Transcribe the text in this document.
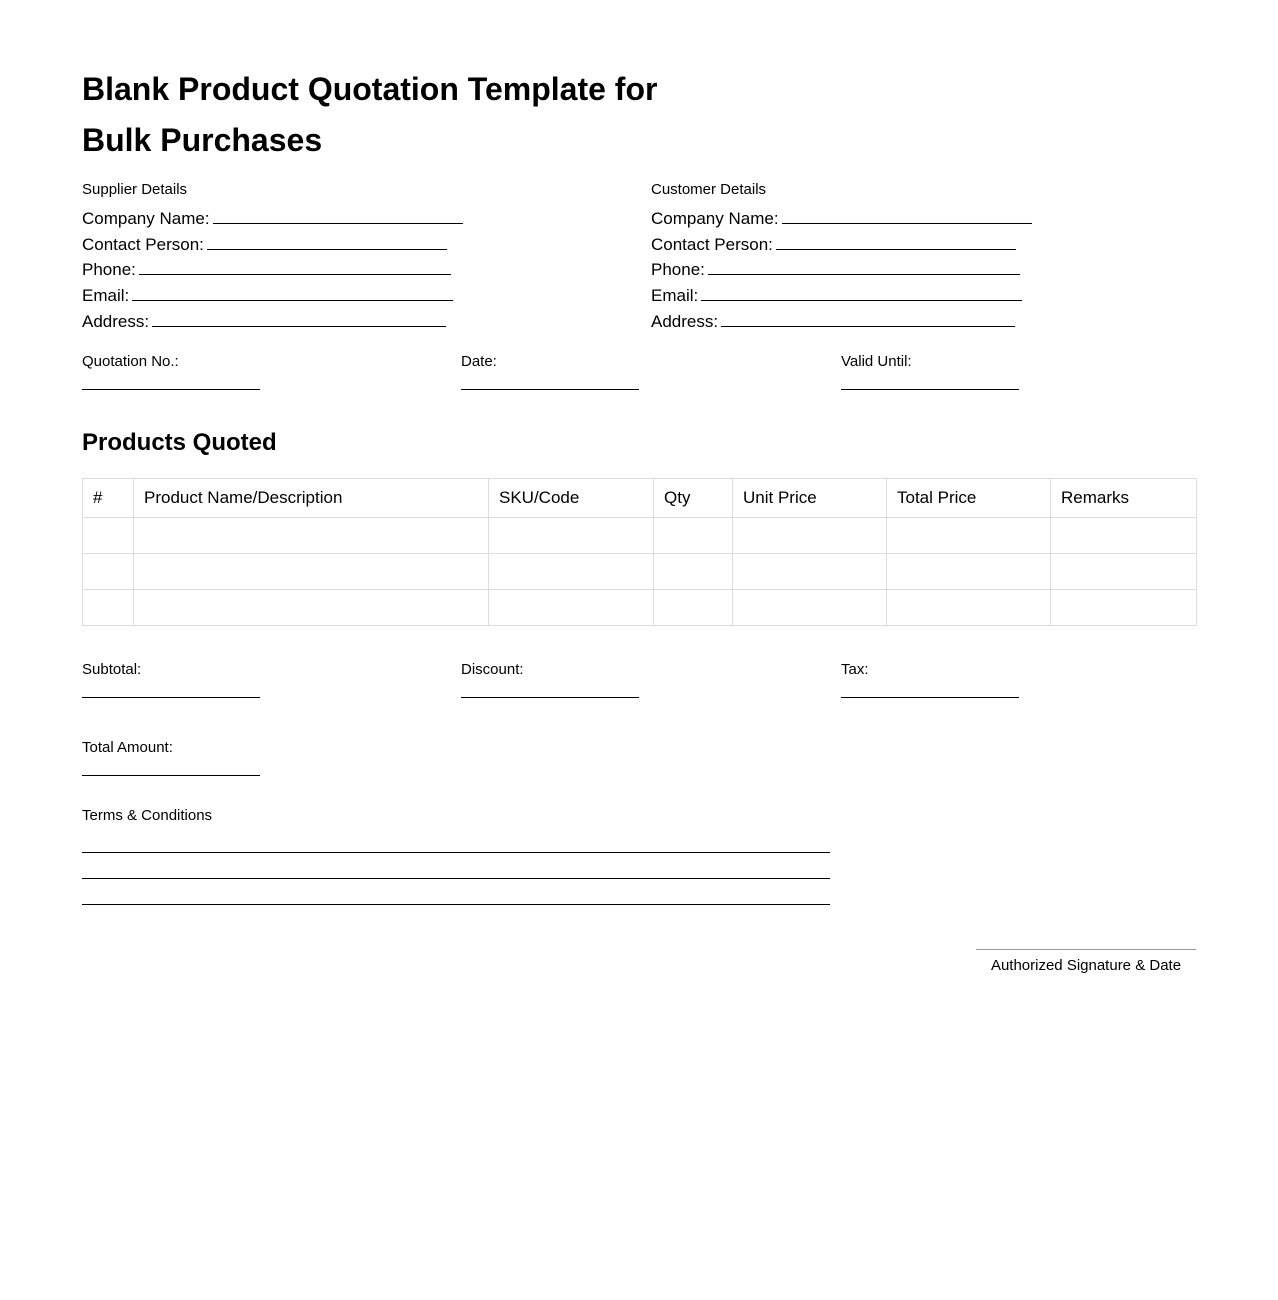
Blank Product Quotation Template for Bulk Purchases
Supplier Details
Company Name:
Contact Person:
Phone:
Email:
Address:
Customer Details
Company Name:
Contact Person:
Phone:
Email:
Address:
Quotation No.:	Date:	Valid Until:
Products Quoted
#	Product Name/Description	SKU/Code	Qty	Unit Price	Total Price	Remarks

Subtotal:	Discount:	Tax:
Total Amount:
Terms & Conditions
Authorized Signature & Date
